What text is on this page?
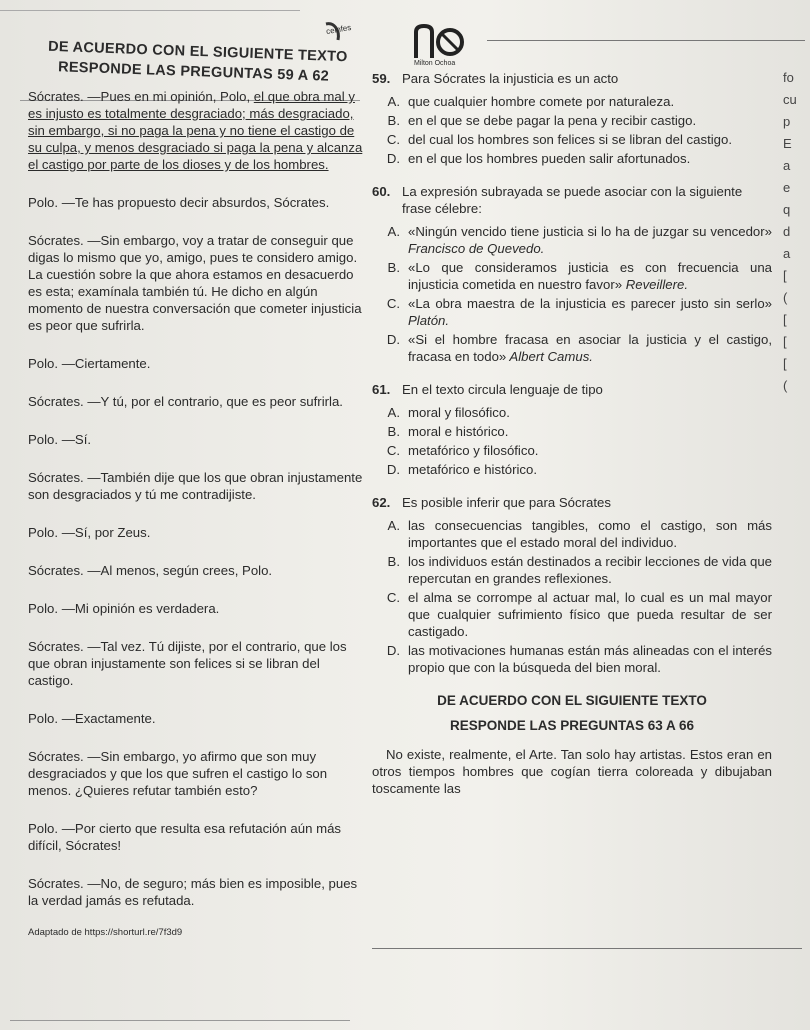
ceinfes
Milton Ochoa
DE ACUERDO CON EL SIGUIENTE TEXTO
RESPONDE LAS PREGUNTAS 59 A 62

Sócrates. —Pues en mi opinión, Polo, el que obra mal y es injusto es totalmente desgraciado; más desgraciado, sin embargo, si no paga la pena y no tiene el castigo de su culpa, y menos desgraciado si paga la pena y alcanza el castigo por parte de los dioses y de los hombres.

Polo. —Te has propuesto decir absurdos, Sócrates.

Sócrates. —Sin embargo, voy a tratar de conseguir que digas lo mismo que yo, amigo, pues te considero amigo. La cuestión sobre la que ahora estamos en desacuerdo es esta; examínala también tú. He dicho en algún momento de nuestra conversación que cometer injusticia es peor que sufrirla.

Polo. —Ciertamente.

Sócrates. —Y tú, por el contrario, que es peor sufrirla.

Polo. —Sí.

Sócrates. —También dije que los que obran injustamente son desgraciados y tú me contradijiste.

Polo. —Sí, por Zeus.

Sócrates. —Al menos, según crees, Polo.

Polo. —Mi opinión es verdadera.

Sócrates. —Tal vez. Tú dijiste, por el contrario, que los que obran injustamente son felices si se libran del castigo.

Polo. —Exactamente.

Sócrates. —Sin embargo, yo afirmo que son muy desgraciados y que los que sufren el castigo lo son menos. ¿Quieres refutar también esto?

Polo. —Por cierto que resulta esa refutación aún más difícil, Sócrates!

Sócrates. —No, de seguro; más bien es imposible, pues la verdad jamás es refutada.

Adaptado de https://shorturl.re/7f3d9
59. Para Sócrates la injusticia es un acto
A. que cualquier hombre comete por naturaleza.
B. en el que se debe pagar la pena y recibir castigo.
C. del cual los hombres son felices si se libran del castigo.
D. en el que los hombres pueden salir afortunados.
60. La expresión subrayada se puede asociar con la siguiente frase célebre:
A. «Ningún vencido tiene justicia si lo ha de juzgar su vencedor» Francisco de Quevedo.
B. «Lo que consideramos justicia es con frecuencia una injusticia cometida en nuestro favor» Reveillere.
C. «La obra maestra de la injusticia es parecer justo sin serlo» Platón.
D. «Si el hombre fracasa en asociar la justicia y el castigo, fracasa en todo» Albert Camus.
61. En el texto circula lenguaje de tipo
A. moral y filosófico.
B. moral e histórico.
C. metafórico y filosófico.
D. metafórico e histórico.
62. Es posible inferir que para Sócrates
A. las consecuencias tangibles, como el castigo, son más importantes que el estado moral del individuo.
B. los individuos están destinados a recibir lecciones de vida que repercutan en grandes reflexiones.
C. el alma se corrompe al actuar mal, lo cual es un mal mayor que cualquier sufrimiento físico que pueda resultar de ser castigado.
D. las motivaciones humanas están más alineadas con el interés propio que con la búsqueda del bien moral.
DE ACUERDO CON EL SIGUIENTE TEXTO
RESPONDE LAS PREGUNTAS 63 A 66
No existe, realmente, el Arte. Tan solo hay artistas. Estos eran en otros tiempos hombres que cogían tierra coloreada y dibujaban toscamente las
fo
cu
p
E
a
e
q
d
a
[
(
[
[
[
(
